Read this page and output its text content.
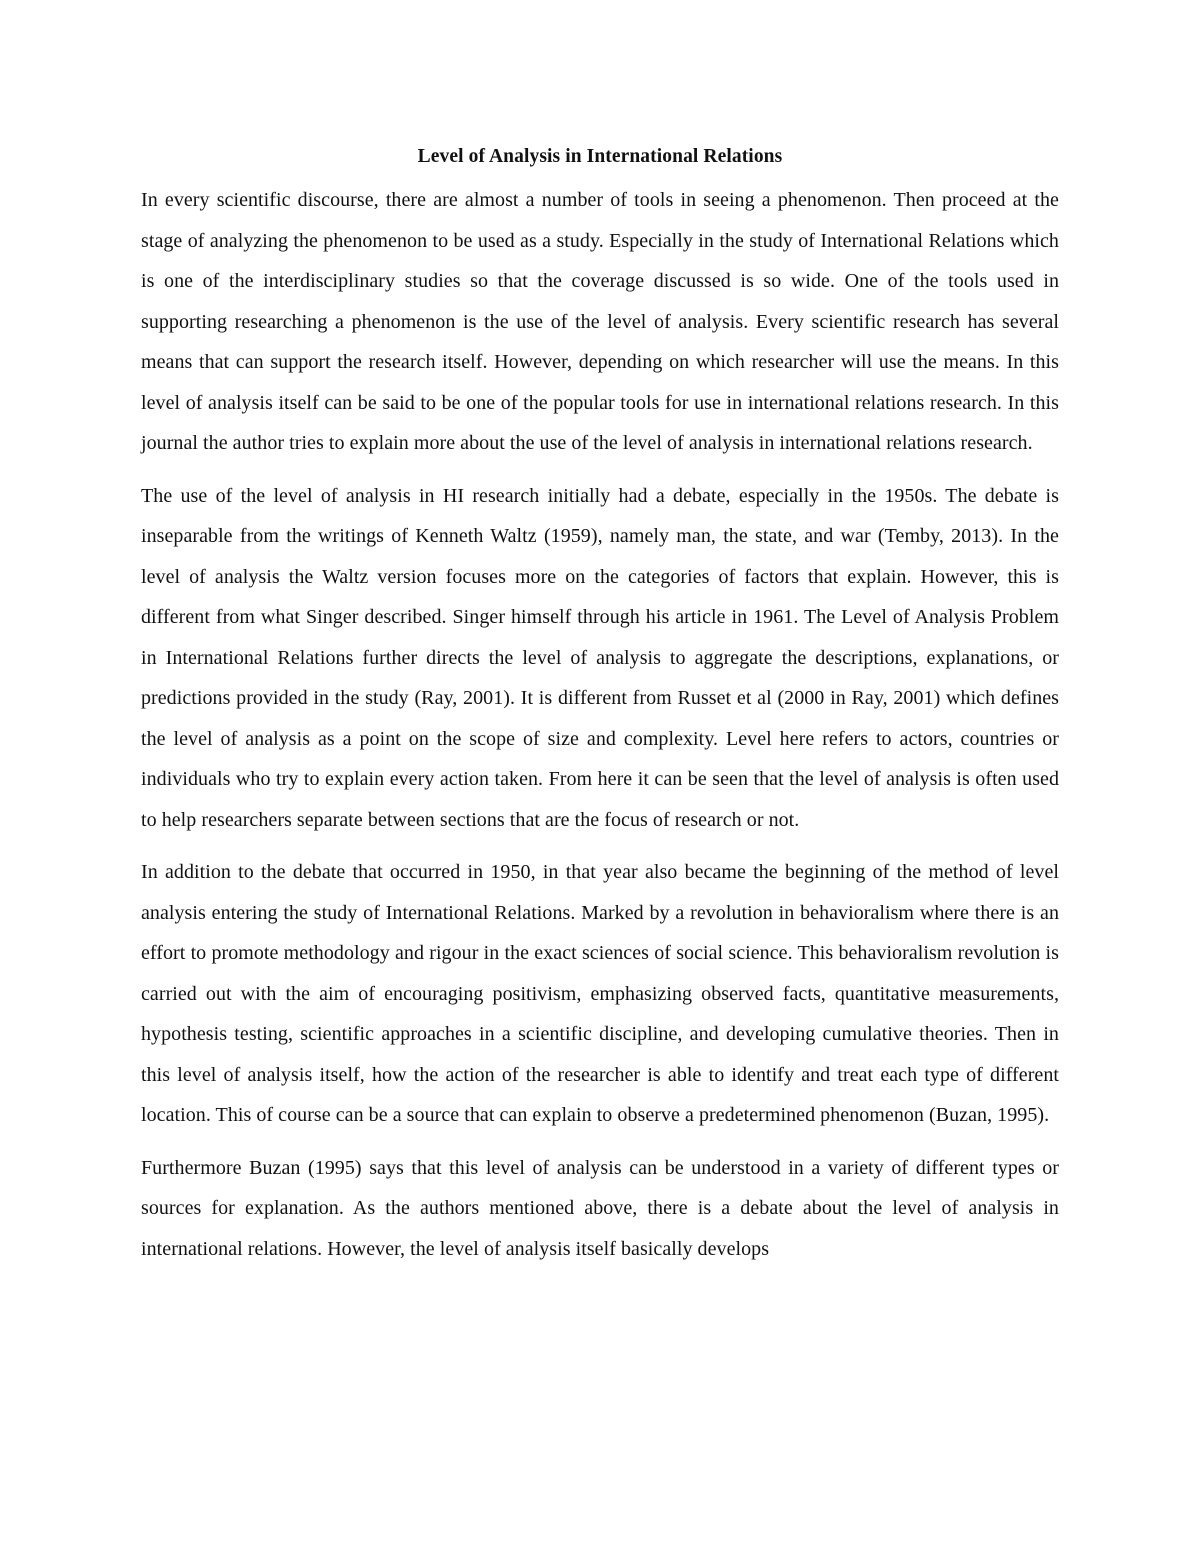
Level of Analysis in International Relations

In every scientific discourse, there are almost a number of tools in seeing a phenomenon. Then proceed at the stage of analyzing the phenomenon to be used as a study. Especially in the study of International Relations which is one of the interdisciplinary studies so that the coverage discussed is so wide. One of the tools used in supporting researching a phenomenon is the use of the level of analysis. Every scientific research has several means that can support the research itself. However, depending on which researcher will use the means. In this level of analysis itself can be said to be one of the popular tools for use in international relations research. In this journal the author tries to explain more about the use of the level of analysis in international relations research.

The use of the level of analysis in HI research initially had a debate, especially in the 1950s. The debate is inseparable from the writings of Kenneth Waltz (1959), namely man, the state, and war (Temby, 2013). In the level of analysis the Waltz version focuses more on the categories of factors that explain. However, this is different from what Singer described. Singer himself through his article in 1961. The Level of Analysis Problem in International Relations further directs the level of analysis to aggregate the descriptions, explanations, or predictions provided in the study (Ray, 2001). It is different from Russet et al (2000 in Ray, 2001) which defines the level of analysis as a point on the scope of size and complexity. Level here refers to actors, countries or individuals who try to explain every action taken. From here it can be seen that the level of analysis is often used to help researchers separate between sections that are the focus of research or not.

In addition to the debate that occurred in 1950, in that year also became the beginning of the method of level analysis entering the study of International Relations. Marked by a revolution in behavioralism where there is an effort to promote methodology and rigour in the exact sciences of social science. This behavioralism revolution is carried out with the aim of encouraging positivism, emphasizing observed facts, quantitative measurements, hypothesis testing, scientific approaches in a scientific discipline, and developing cumulative theories. Then in this level of analysis itself, how the action of the researcher is able to identify and treat each type of different location. This of course can be a source that can explain to observe a predetermined phenomenon (Buzan, 1995).

Furthermore Buzan (1995) says that this level of analysis can be understood in a variety of different types or sources for explanation. As the authors mentioned above, there is a debate about the level of analysis in international relations. However, the level of analysis itself basically develops
